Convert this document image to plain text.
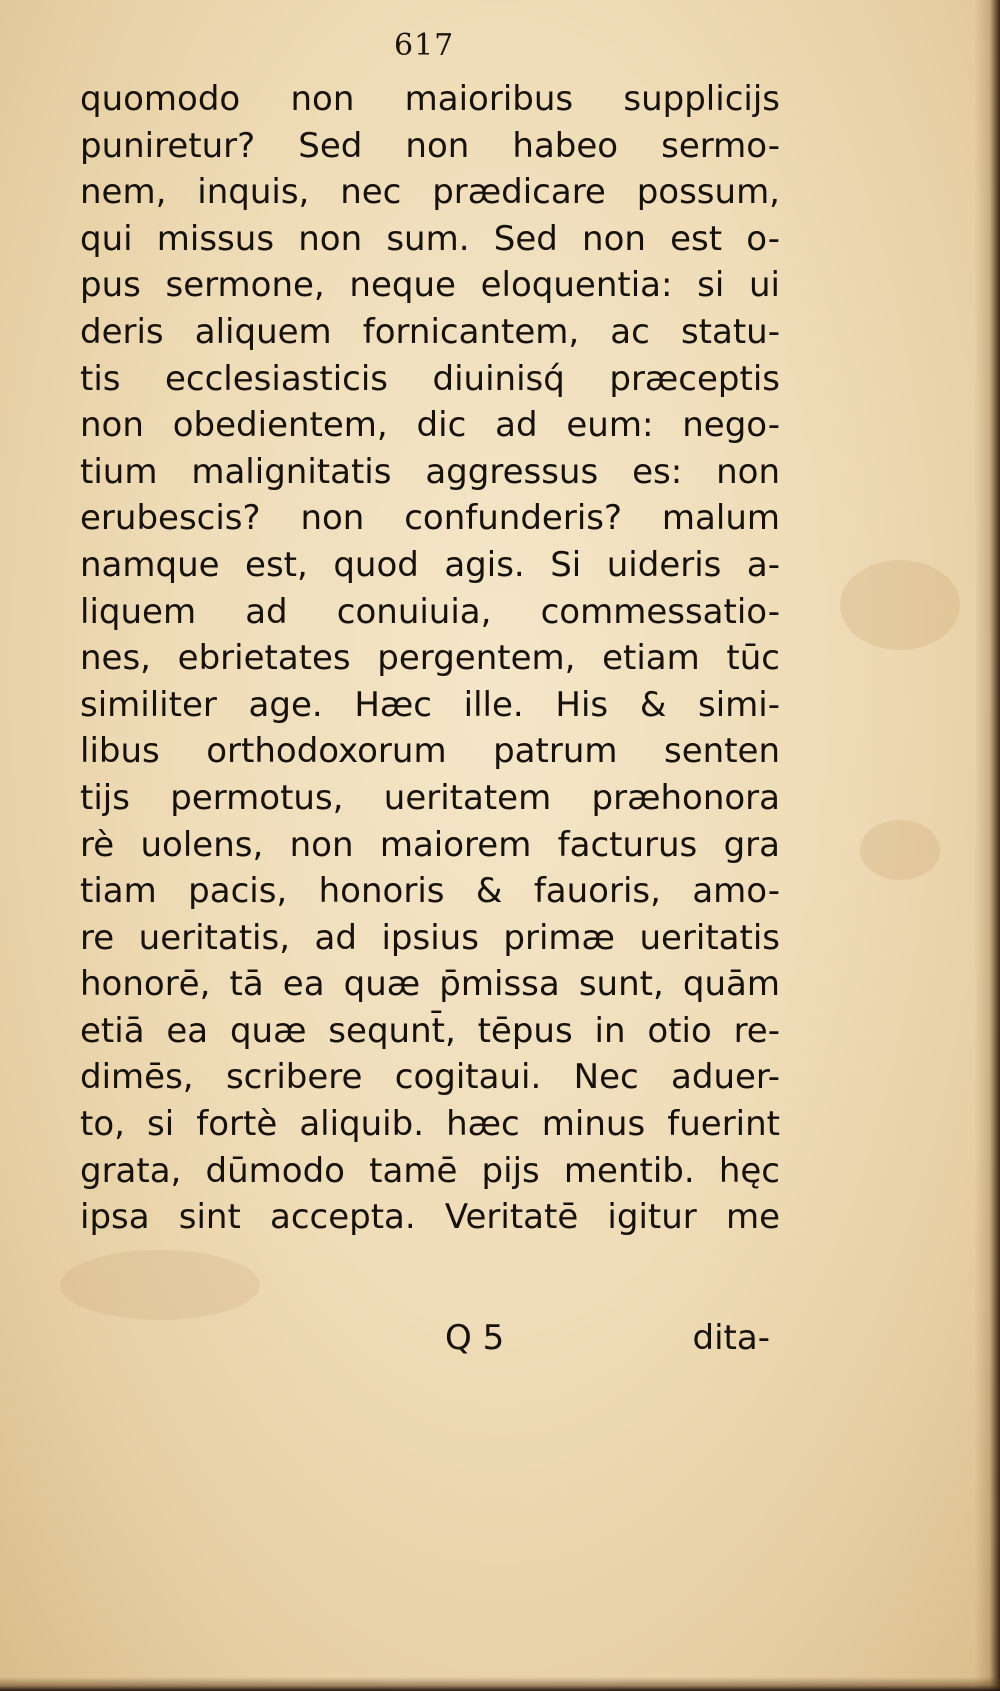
617
quomodo non maioribus supplicijs
puniretur? Sed non habeo sermo-
nem, inquis, nec prædicare possum,
qui missus non sum. Sed non est o-
pus sermone, neque eloquentia: si ui
deris aliquem fornicantem, ac statu-
tis ecclesiasticis diuinisq́ præceptis
non obedientem, dic ad eum: nego-
tium malignitatis aggressus es: non
erubescis? non confunderis? malum
namque est, quod agis. Si uideris a-
liquem ad conuiuia, commessatio-
nes, ebrietates pergentem, etiam tūc
similiter age. Hæc ille. His & simi-
libus orthodoxorum patrum senten
tijs permotus, ueritatem præhonora
rè uolens, non maiorem facturus gra
tiam pacis, honoris & fauoris, amo-
re ueritatis, ad ipsius primæ ueritatis
honorē, tā ea quæ p̄missa sunt, quām
etiā ea quæ sequnt̄, tēpus in otio re-
dimēs, scribere cogitaui. Nec aduer-
to, si fortè aliquib. hæc minus fuerint
grata, dūmodo tamē pijs mentib. hęc
ipsa sint accepta. Veritatē igitur me
Q 5	dita-
